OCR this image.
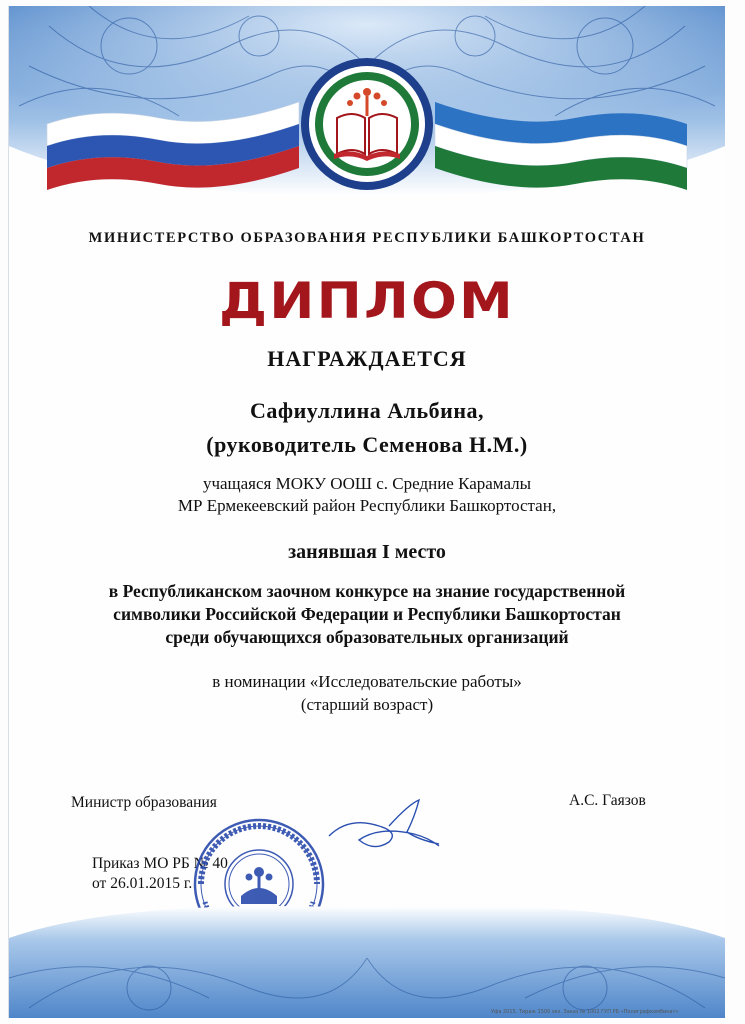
МИНИСТЕРСТВО ОБРАЗОВАНИЯ РЕСПУБЛИКИ БАШКОРТОСТАН
ДИПЛОМ
НАГРАЖДАЕТСЯ
Сафиуллина Альбина,
(руководитель Семенова Н.М.)
учащаяся МОКУ ООШ с. Средние Карамалы
МР Ермекеевский район Республики Башкортостан,
занявшая I место
в Республиканском заочном конкурсе на знание государственной
символики Российской Федерации и Республики Башкортостан
среди обучающихся образовательных организаций
в номинации «Исследовательские работы»
(старший возраст)
Министр образования	А.С. Гаязов
Приказ МО РБ № 40
от 26.01.2015 г.
Уфа 2015. Тираж 1500 экз. Заказ № 1002 ГУП РБ «Полиграфкомбинат»
